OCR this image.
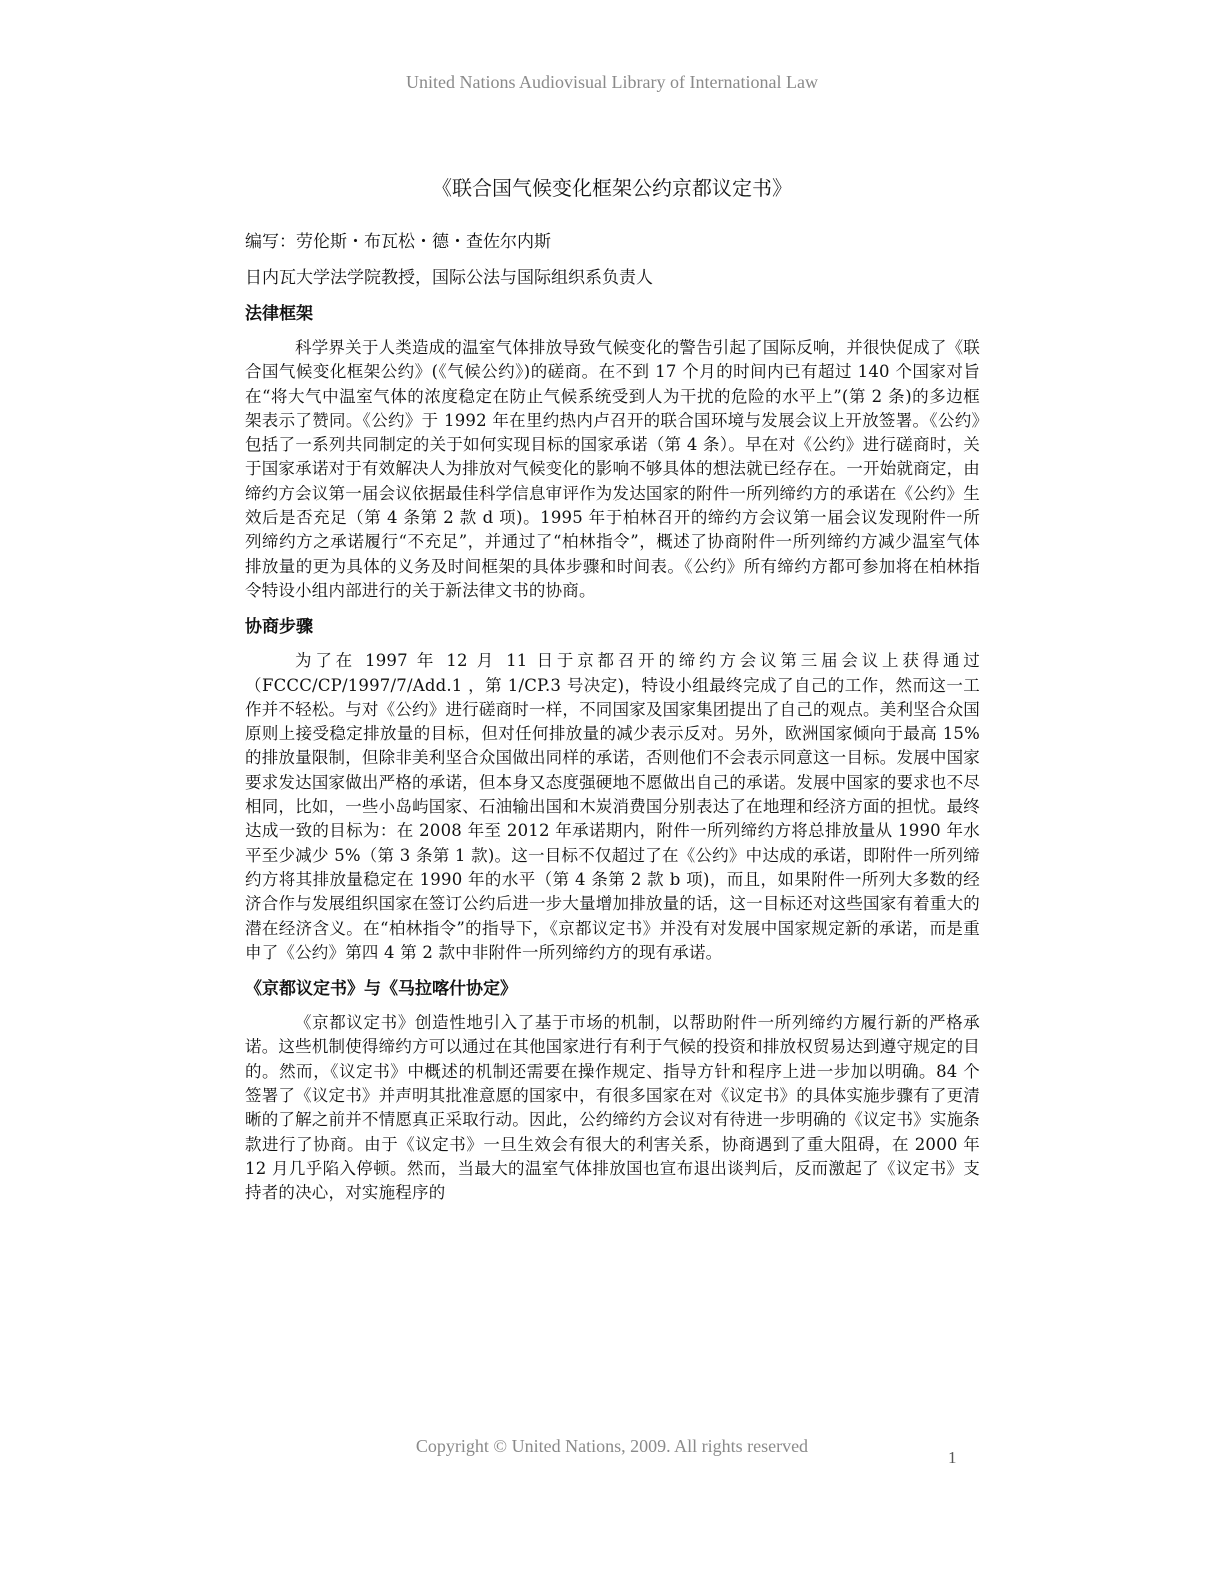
United Nations Audiovisual Library of International Law
《联合国气候变化框架公约京都议定书》

编写：劳伦斯・布瓦松・德・查佐尔内斯

日内瓦大学法学院教授，国际公法与国际组织系负责人

法律框架

科学界关于人类造成的温室气体排放导致气候变化的警告引起了国际反响，并很快促成了《联合国气候变化框架公约》(《气候公约》)的磋商。在不到 17 个月的时间内已有超过 140 个国家对旨在“将大气中温室气体的浓度稳定在防止气候系统受到人为干扰的危险的水平上”(第 2 条)的多边框架表示了赞同。《公约》于 1992 年在里约热内卢召开的联合国环境与发展会议上开放签署。《公约》包括了一系列共同制定的关于如何实现目标的国家承诺（第 4 条）。早在对《公约》进行磋商时，关于国家承诺对于有效解决人为排放对气候变化的影响不够具体的想法就已经存在。一开始就商定，由缔约方会议第一届会议依据最佳科学信息审评作为发达国家的附件一所列缔约方的承诺在《公约》生效后是否充足（第 4 条第 2 款 d 项)。1995 年于柏林召开的缔约方会议第一届会议发现附件一所列缔约方之承诺履行“不充足”，并通过了“柏林指令”，概述了协商附件一所列缔约方减少温室气体排放量的更为具体的义务及时间框架的具体步骤和时间表。《公约》所有缔约方都可参加将在柏林指令特设小组内部进行的关于新法律文书的协商。

协商步骤

为了在 1997 年 12 月 11 日于京都召开的缔约方会议第三届会议上获得通过（FCCC/CP/1997/7/Add.1 ，第 1/CP.3 号决定)，特设小组最终完成了自己的工作，然而这一工作并不轻松。与对《公约》进行磋商时一样，不同国家及国家集团提出了自己的观点。美利坚合众国原则上接受稳定排放量的目标，但对任何排放量的减少表示反对。另外，欧洲国家倾向于最高 15%的排放量限制，但除非美利坚合众国做出同样的承诺，否则他们不会表示同意这一目标。发展中国家要求发达国家做出严格的承诺，但本身又态度强硬地不愿做出自己的承诺。发展中国家的要求也不尽相同，比如，一些小岛屿国家、石油输出国和木炭消费国分别表达了在地理和经济方面的担忧。最终达成一致的目标为：在 2008 年至 2012 年承诺期内，附件一所列缔约方将总排放量从 1990 年水平至少减少 5%（第 3 条第 1 款)。这一目标不仅超过了在《公约》中达成的承诺，即附件一所列缔约方将其排放量稳定在 1990 年的水平（第 4 条第 2 款 b 项)，而且，如果附件一所列大多数的经济合作与发展组织国家在签订公约后进一步大量增加排放量的话，这一目标还对这些国家有着重大的潜在经济含义。在“柏林指令”的指导下，《京都议定书》并没有对发展中国家规定新的承诺，而是重申了《公约》第四 4 第 2 款中非附件一所列缔约方的现有承诺。

《京都议定书》与《马拉喀什协定》

《京都议定书》创造性地引入了基于市场的机制，以帮助附件一所列缔约方履行新的严格承诺。这些机制使得缔约方可以通过在其他国家进行有利于气候的投资和排放权贸易达到遵守规定的目的。然而，《议定书》中概述的机制还需要在操作规定、指导方针和程序上进一步加以明确。84 个签署了《议定书》并声明其批准意愿的国家中，有很多国家在对《议定书》的具体实施步骤有了更清晰的了解之前并不情愿真正采取行动。因此，公约缔约方会议对有待进一步明确的《议定书》实施条款进行了协商。由于《议定书》一旦生效会有很大的利害关系，协商遇到了重大阻碍，在 2000 年 12 月几乎陷入停顿。然而，当最大的温室气体排放国也宣布退出谈判后，反而激起了《议定书》支持者的决心，对实施程序的

Copyright © United Nations, 2009. All rights reserved
1
